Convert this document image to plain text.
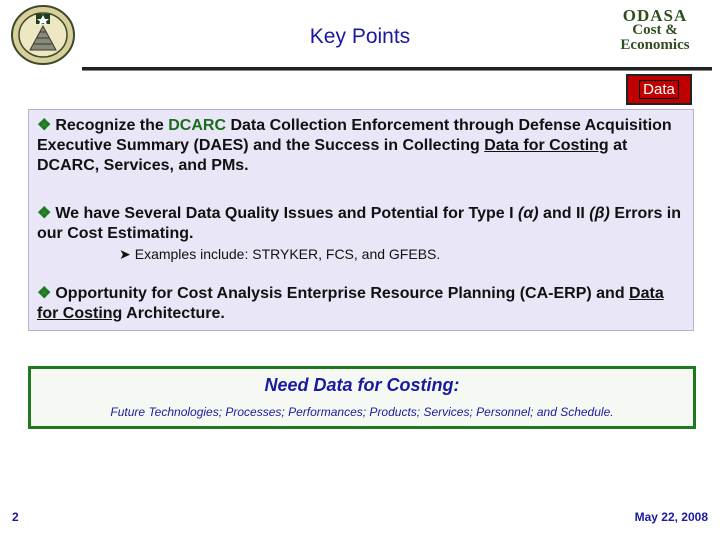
Key Points
ODASA
Cost &
Economics
Data
❖ Recognize the DCARC Data Collection Enforcement through Defense Acquisition Executive Summary (DAES) and the Success in Collecting Data for Costing at DCARC, Services, and PMs.
❖ We have Several Data Quality Issues and Potential for Type I (α) and II (β) Errors in our Cost Estimating.
➤ Examples include: STRYKER, FCS, and GFEBS.
❖ Opportunity for Cost Analysis Enterprise Resource Planning (CA-ERP) and Data for Costing Architecture.
Need Data for Costing:
Future Technologies; Processes; Performances; Products; Services; Personnel; and Schedule.
2	May 22, 2008
